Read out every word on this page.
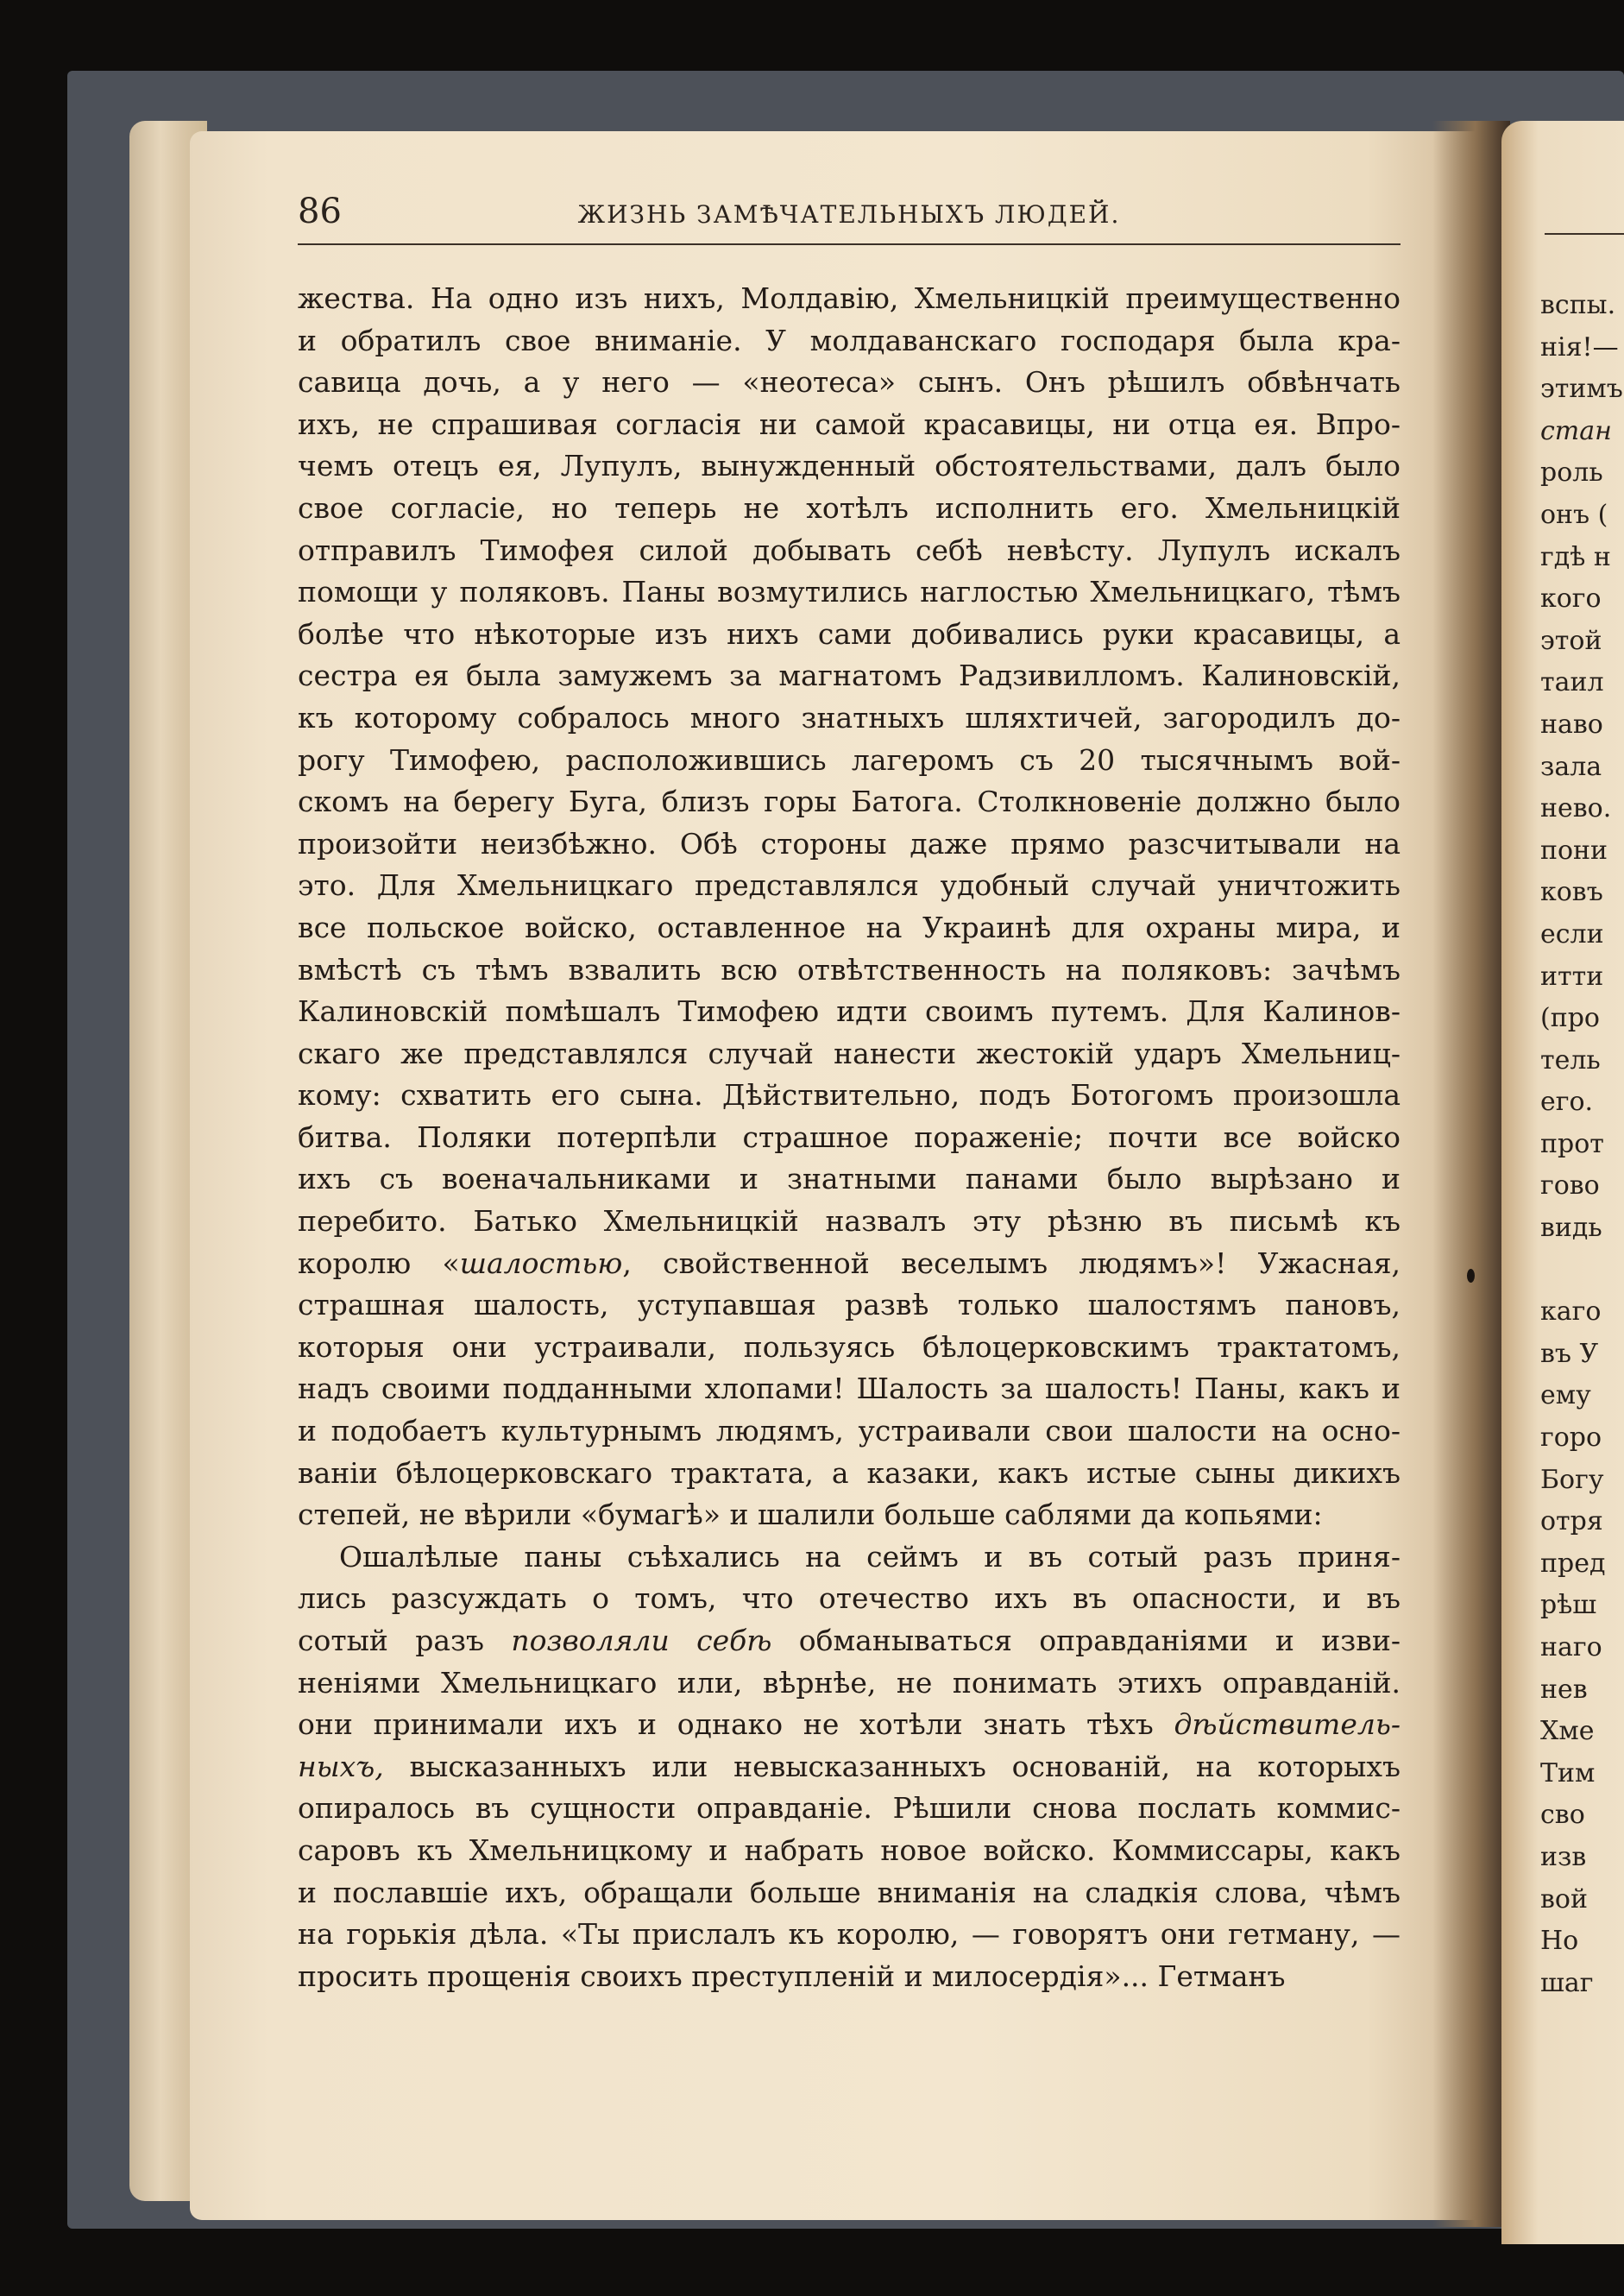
86	ЖИЗНЬ ЗАМѢЧАТЕЛЬНЫХЪ ЛЮДЕЙ.
жества. На одно изъ нихъ, Молдавію, Хмельницкій преимущественно
и обратилъ свое вниманіе. У молдаванскаго господаря была кра-
савица дочь, а у него — «неотеса» сынъ. Онъ рѣшилъ обвѣнчать
ихъ, не спрашивая согласія ни самой красавицы, ни отца ея. Впро-
чемъ отецъ ея, Лупулъ, вынужденный обстоятельствами, далъ было
свое согласіе, но теперь не хотѣлъ исполнить его. Хмельницкій
отправилъ Тимофея силой добывать себѣ невѣсту. Лупулъ искалъ
помощи у поляковъ. Паны возмутились наглостью Хмельницкаго, тѣмъ
болѣе что нѣкоторые изъ нихъ сами добивались руки красавицы, а
сестра ея была замужемъ за магнатомъ Радзивилломъ. Калиновскій,
къ которому собралось много знатныхъ шляхтичей, загородилъ до-
рогу Тимофею, расположившись лагеромъ съ 20 тысячнымъ вой-
скомъ на берегу Буга, близъ горы Батога. Столкновеніе должно было
произойти неизбѣжно. Обѣ стороны даже прямо разсчитывали на
это. Для Хмельницкаго представлялся удобный случай уничтожить
все польское войско, оставленное на Украинѣ для охраны мира, и
вмѣстѣ съ тѣмъ взвалить всю отвѣтственность на поляковъ: зачѣмъ
Калиновскій помѣшалъ Тимофею идти своимъ путемъ. Для Калинов-
скаго же представлялся случай нанести жестокій ударъ Хмельниц-
кому: схватить его сына. Дѣйствительно, подъ Ботогомъ произошла
битва. Поляки потерпѣли страшное пораженіе; почти все войско
ихъ съ военачальниками и знатными панами было вырѣзано и
перебито. Батько Хмельницкій назвалъ эту рѣзню въ письмѣ къ
королю «шалостью, свойственной веселымъ людямъ»! Ужасная,
страшная шалость, уступавшая развѣ только шалостямъ пановъ,
которыя они устраивали, пользуясь бѣлоцерковскимъ трактатомъ,
надъ своими подданными хлопами! Шалость за шалость! Паны, какъ и
и подобаетъ культурнымъ людямъ, устраивали свои шалости на осно-
ваніи бѣлоцерковскаго трактата, а казаки, какъ истые сыны дикихъ
степей, не вѣрили «бумагѣ» и шалили больше саблями да копьями:
Ошалѣлые паны съѣхались на сеймъ и въ сотый разъ приня-
лись разсуждать о томъ, что отечество ихъ въ опасности, и въ
сотый разъ позволяли себѣ обманываться оправданіями и изви-
неніями Хмельницкаго или, вѣрнѣе, не понимать этихъ оправданій.
они принимали ихъ и однако не хотѣли знать тѣхъ дѣйствитель-
ныхъ, высказанныхъ или невысказанныхъ основаній, на которыхъ
опиралось въ сущности оправданіе. Рѣшили снова послать коммис-
саровъ къ Хмельницкому и набрать новое войско. Коммиссары, какъ
и пославшіе ихъ, обращали больше вниманія на сладкія слова, чѣмъ
на горькія дѣла. «Ты прислалъ къ королю, — говорятъ они гетману, —
просить прощенія своихъ преступленій и милосердія»... Гетманъ
вспы.
нія!—
этимъ
стан
роль
онъ (
гдѣ н
кого
этой
таил
наво
зала
нево.
пони
ковъ
если
итти
(про
тель
его.
прот
гово
видь
каго
въ У
ему
горо
Богу
отря
пред
рѣш
наго
нев
Хме
Тим
сво
изв
вой
Но
шаг
